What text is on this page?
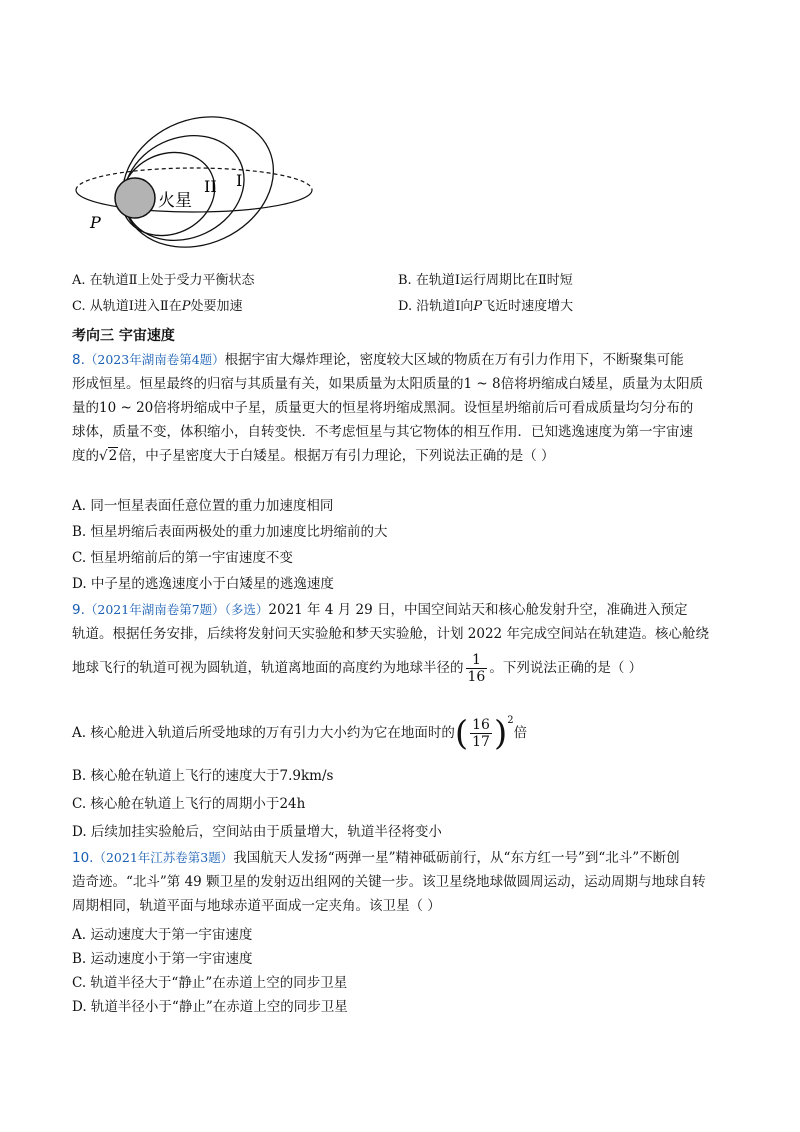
火星
II I
P
A. 在轨道Ⅱ上处于受力平衡状态	B. 在轨道Ⅰ运行周期比在Ⅱ时短
C. 从轨道Ⅰ进入Ⅱ在P处要加速	D. 沿轨道Ⅰ向P飞近时速度增大
考向三 宇宙速度
8.（2023年湖南卷第4题）根据宇宙大爆炸理论，密度较大区域的物质在万有引力作用下，不断聚集可能
形成恒星。恒星最终的归宿与其质量有关，如果质量为太阳质量的1 ~ 8倍将坍缩成白矮星，质量为太阳质
量的10 ~ 20倍将坍缩成中子星，质量更大的恒星将坍缩成黑洞。设恒星坍缩前后可看成质量均匀分布的
球体，质量不变，体积缩小，自转变快．不考虑恒星与其它物体的相互作用．已知逃逸速度为第一宇宙速
度的√2倍，中子星密度大于白矮星。根据万有引力理论，下列说法正确的是（ ）
A. 同一恒星表面任意位置的重力加速度相同
B. 恒星坍缩后表面两极处的重力加速度比坍缩前的大
C. 恒星坍缩前后的第一宇宙速度不变
D. 中子星的逃逸速度小于白矮星的逃逸速度
9.（2021年湖南卷第7题）（多选）2021 年 4 月 29 日，中国空间站天和核心舱发射升空，准确进入预定
轨道。根据任务安排，后续将发射问天实验舱和梦天实验舱，计划 2022 年完成空间站在轨建造。核心舱绕
地球飞行的轨道可视为圆轨道，轨道离地面的高度约为地球半径的 $\frac{1}{16}$ 。下列说法正确的是（ ）
A. 核心舱进入轨道后所受地球的万有引力大小约为它在地面时的( $\frac{16}{17} )^2$倍
B. 核心舱在轨道上飞行的速度大于7.9km/s
C. 核心舱在轨道上飞行的周期小于24h
D. 后续加挂实验舱后，空间站由于质量增大，轨道半径将变小
10.（2021年江苏卷第3题）我国航天人发扬“两弹一星”精神砥砺前行，从“东方红一号”到“北斗”不断创
造奇迹。“北斗”第 49 颗卫星的发射迈出组网的关键一步。该卫星绕地球做圆周运动，运动周期与地球自转
周期相同，轨道平面与地球赤道平面成一定夹角。该卫星（ ）
A. 运动速度大于第一宇宙速度
B. 运动速度小于第一宇宙速度
C. 轨道半径大于“静止”在赤道上空的同步卫星
D. 轨道半径小于“静止”在赤道上空的同步卫星
